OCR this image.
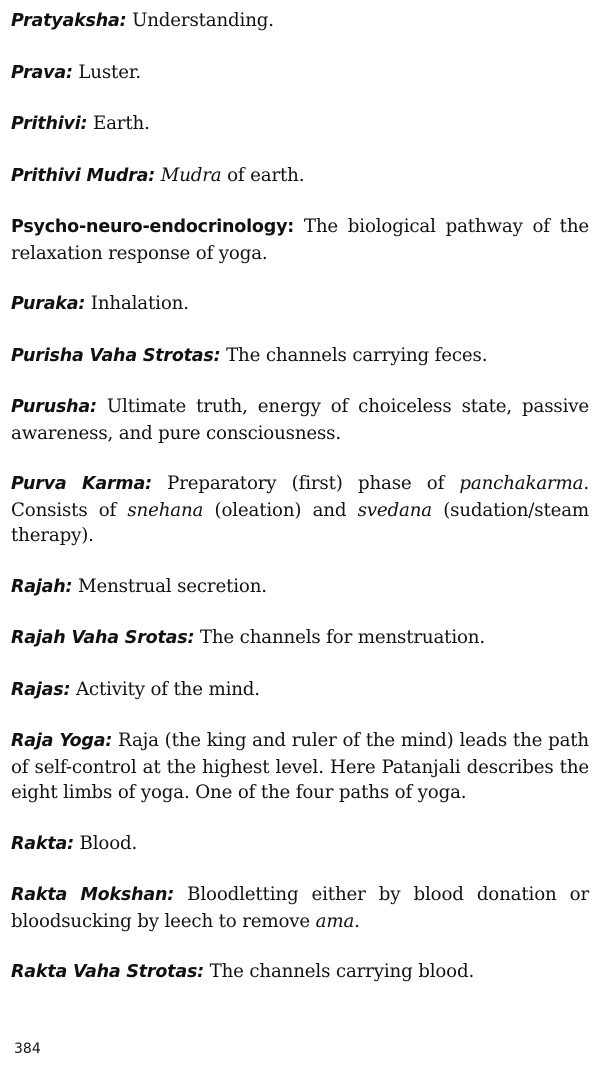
Pratyaksha: Understanding.

Prava: Luster.

Prithivi: Earth.

Prithivi Mudra: Mudra of earth.

Psycho-neuro-endocrinology: The biological pathway of the relaxation response of yoga.

Puraka: Inhalation.

Purisha Vaha Strotas: The channels carrying feces.

Purusha: Ultimate truth, energy of choiceless state, passive awareness, and pure consciousness.

Purva Karma: Preparatory (first) phase of panchakarma. Consists of snehana (oleation) and svedana (sudation/steam therapy).

Rajah: Menstrual secretion.

Rajah Vaha Srotas: The channels for menstruation.

Rajas: Activity of the mind.

Raja Yoga: Raja (the king and ruler of the mind) leads the path of self-control at the highest level. Here Patanjali describes the eight limbs of yoga. One of the four paths of yoga.

Rakta: Blood.

Rakta Mokshan: Bloodletting either by blood donation or bloodsucking by leech to remove ama.

Rakta Vaha Strotas: The channels carrying blood.

384
